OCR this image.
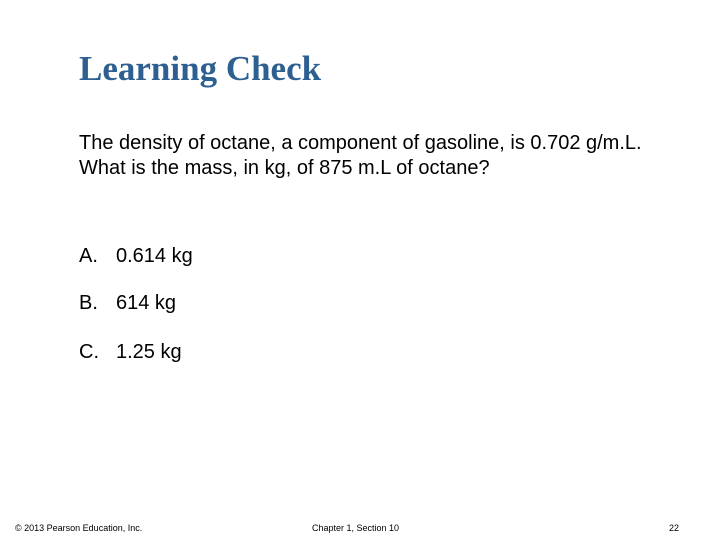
Learning Check

The density of octane, a component of gasoline, is 0.702 g/m.L. What is the mass, in kg, of 875 m.L of octane?

A. 0.614 kg
B. 614 kg
C. 1.25 kg
© 2013 Pearson Education, Inc.	Chapter 1, Section 10	22
